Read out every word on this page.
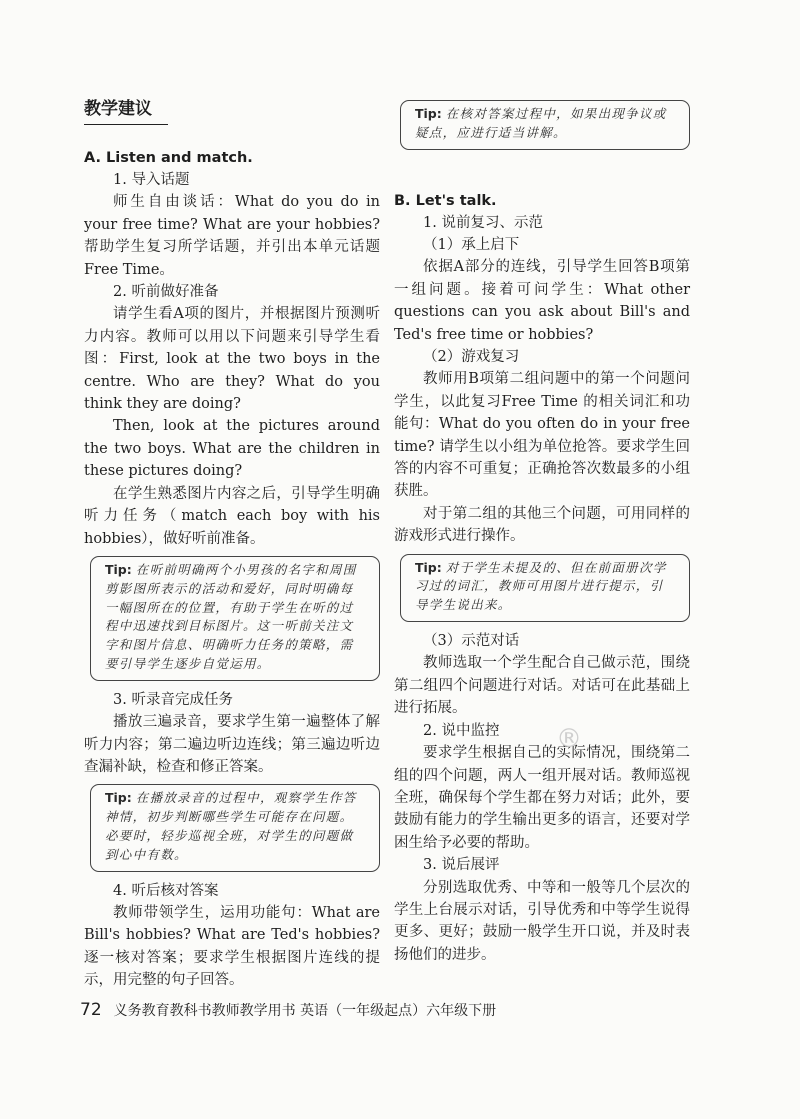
教学建议

A. Listen and match.

1. 导入话题

师生自由谈话：What do you do in your free time? What are your hobbies? 帮助学生复习所学话题，并引出本单元话题Free Time。

2. 听前做好准备

请学生看A项的图片，并根据图片预测听力内容。教师可以用以下问题来引导学生看图：First, look at the two boys in the centre. Who are they? What do you think they are doing?

Then, look at the pictures around the two boys. What are the children in these pictures doing?

在学生熟悉图片内容之后，引导学生明确听力任务（match each boy with his hobbies），做好听前准备。

Tip: 在听前明确两个小男孩的名字和周围剪影图所表示的活动和爱好，同时明确每一幅图所在的位置，有助于学生在听的过程中迅速找到目标图片。这一听前关注文字和图片信息、明确听力任务的策略，需要引导学生逐步自觉运用。

3. 听录音完成任务

播放三遍录音，要求学生第一遍整体了解听力内容；第二遍边听边连线；第三遍边听边查漏补缺，检查和修正答案。

Tip: 在播放录音的过程中，观察学生作答神情，初步判断哪些学生可能存在问题。必要时，轻步巡视全班，对学生的问题做到心中有数。

4. 听后核对答案

教师带领学生，运用功能句：What are Bill's hobbies? What are Ted's hobbies? 逐一核对答案；要求学生根据图片连线的提示，用完整的句子回答。

Tip: 在核对答案过程中，如果出现争议或疑点，应进行适当讲解。

B. Let's talk.

1. 说前复习、示范

（1）承上启下

依据A部分的连线，引导学生回答B项第一组问题。接着可问学生：What other questions can you ask about Bill's and Ted's free time or hobbies?

（2）游戏复习

教师用B项第二组问题中的第一个问题问学生，以此复习Free Time 的相关词汇和功能句：What do you often do in your free time? 请学生以小组为单位抢答。要求学生回答的内容不可重复；正确抢答次数最多的小组获胜。

对于第二组的其他三个问题，可用同样的游戏形式进行操作。

Tip: 对于学生未提及的、但在前面册次学习过的词汇，教师可用图片进行提示，引导学生说出来。

（3）示范对话

教师选取一个学生配合自己做示范，围绕第二组四个问题进行对话。对话可在此基础上进行拓展。

2. 说中监控

要求学生根据自己的实际情况，围绕第二组的四个问题，两人一组开展对话。教师巡视全班，确保每个学生都在努力对话；此外，要鼓励有能力的学生输出更多的语言，还要对学困生给予必要的帮助。

3. 说后展评

分别选取优秀、中等和一般等几个层次的学生上台展示对话，引导优秀和中等学生说得更多、更好；鼓励一般学生开口说，并及时表扬他们的进步。

®
72 义务教育教科书教师教学用书 英语（一年级起点）六年级下册
